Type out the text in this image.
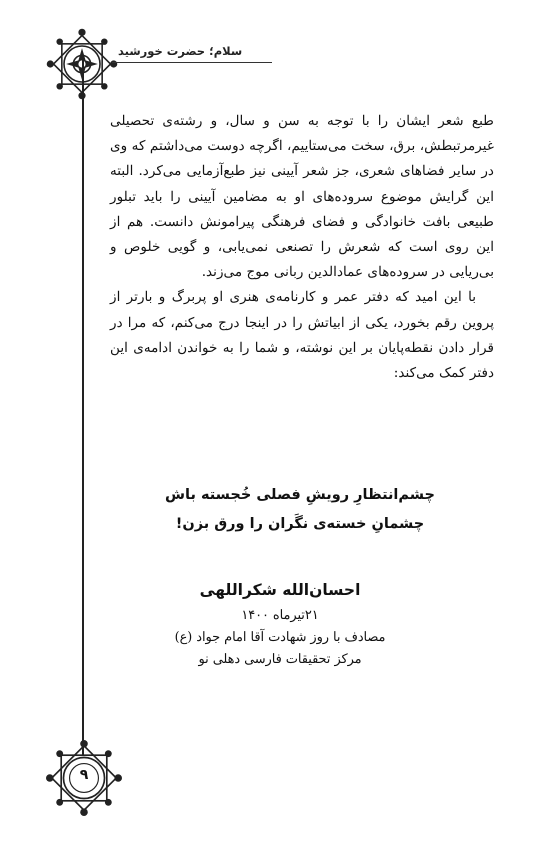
سلام؛ حضرت خورشید

طبع شعر ایشان را با توجه به سن و سال، و رشته‌ی تحصیلی غیرمرتبطش، برق، سخت می‌ستاییم، اگرچه دوست می‌داشتم که وی در سایر فضاهای شعری، جز شعر آیینی نیز طبع‌آزمایی می‌کرد. البته این گرایش موضوع سروده‌های او به مضامین آیینی را باید تبلور طبیعی بافت خانوادگی و فضای فرهنگی پیرامونش دانست. هم از این روی است که شعرش را تصنعی نمی‌یابی، و گویی خلوص و بی‌ریایی در سروده‌های عمادالدین ربانی موج می‌زند.

با این امید که دفتر عمر و کارنامه‌ی هنری او پربرگ و بارتر از پروین رقم بخورد، یکی از ابیاتش را در اینجا درج می‌کنم، که مرا در قرار دادن نقطه‌پایان بر این نوشته، و شما را به خواندن ادامه‌ی این دفتر کمک می‌کند:

چشم‌انتظارِ رویشِ فصلی خُجسته باش
چشمانِ خسته‌ی نگَران را ورق بزن!
احسان‌الله شکراللهی
۲۱تیرماه ۱۴۰۰
مصادف با روز شهادت آقا امام جواد (ع)
مرکز تحقیقات فارسی دهلی نو
۹
